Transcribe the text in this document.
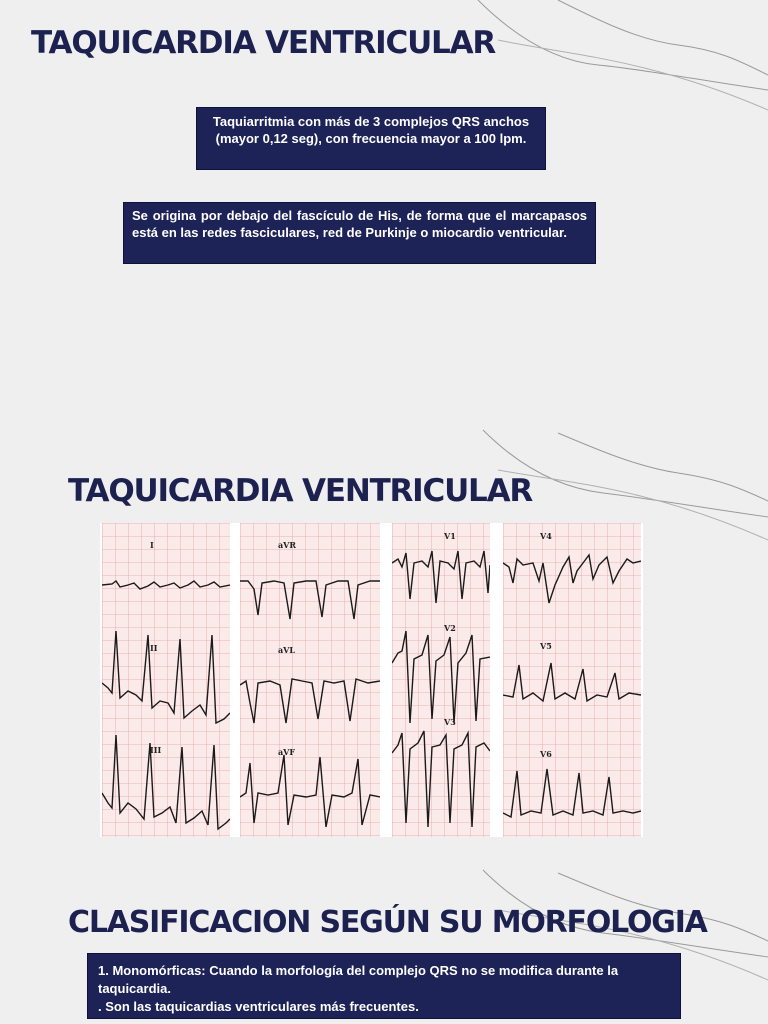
TAQUICARDIA VENTRICULAR
Taquiarritmia con más de 3 complejos QRS anchos (mayor 0,12 seg), con frecuencia mayor a 100 lpm.
Se origina por debajo del fascículo de His, de forma que el marcapasos está en las redes fasciculares, red de Purkinje o miocardio ventricular.
TAQUICARDIA VENTRICULAR
I
II
III
aVR
aVL
aVF
V1
V2
V3
V4
V5
V6
CLASIFICACION SEGÚN SU MORFOLOGIA
1. Monomórficas: Cuando la morfología del complejo QRS no se modifica durante la taquicardia.
. Son las taquicardias ventriculares más frecuentes.
